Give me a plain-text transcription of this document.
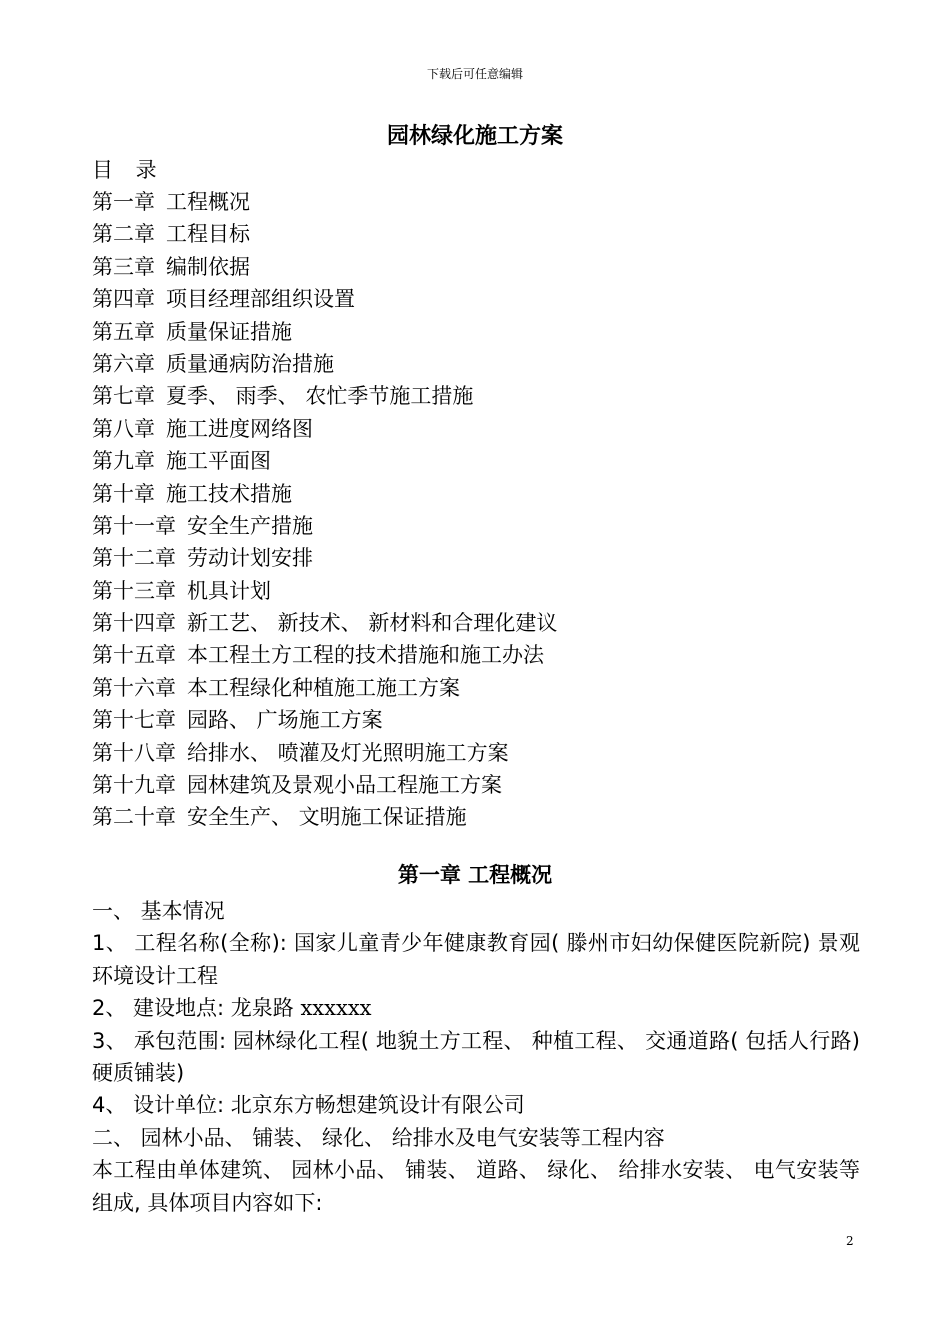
下载后可任意编辑
园林绿化施工方案
目 录
第一章 工程概况
第二章 工程目标
第三章 编制依据
第四章 项目经理部组织设置
第五章 质量保证措施
第六章 质量通病防治措施
第七章 夏季、 雨季、 农忙季节施工措施
第八章 施工进度网络图
第九章 施工平面图
第十章 施工技术措施
第十一章 安全生产措施
第十二章 劳动计划安排
第十三章 机具计划
第十四章 新工艺、 新技术、 新材料和合理化建议
第十五章 本工程土方工程的技术措施和施工办法
第十六章 本工程绿化种植施工施工方案
第十七章 园路、 广场施工方案
第十八章 给排水、 喷灌及灯光照明施工方案
第十九章 园林建筑及景观小品工程施工方案
第二十章 安全生产、 文明施工保证措施
第一章 工程概况

一、 基本情况

1、 工程名称(全称): 国家儿童青少年健康教育园( 滕州市妇幼保健医院新院) 景观环境设计工程

2、 建设地点: 龙泉路 xxxxxx

3、 承包范围: 园林绿化工程( 地貌土方工程、 种植工程、 交通道路( 包括人行路) 硬质铺装)

4、 设计单位: 北京东方畅想建筑设计有限公司

二、 园林小品、 铺装、 绿化、 给排水及电气安装等工程内容

本工程由单体建筑、 园林小品、 铺装、 道路、 绿化、 给排水安装、 电气安装等组成, 具体项目内容如下:

2
